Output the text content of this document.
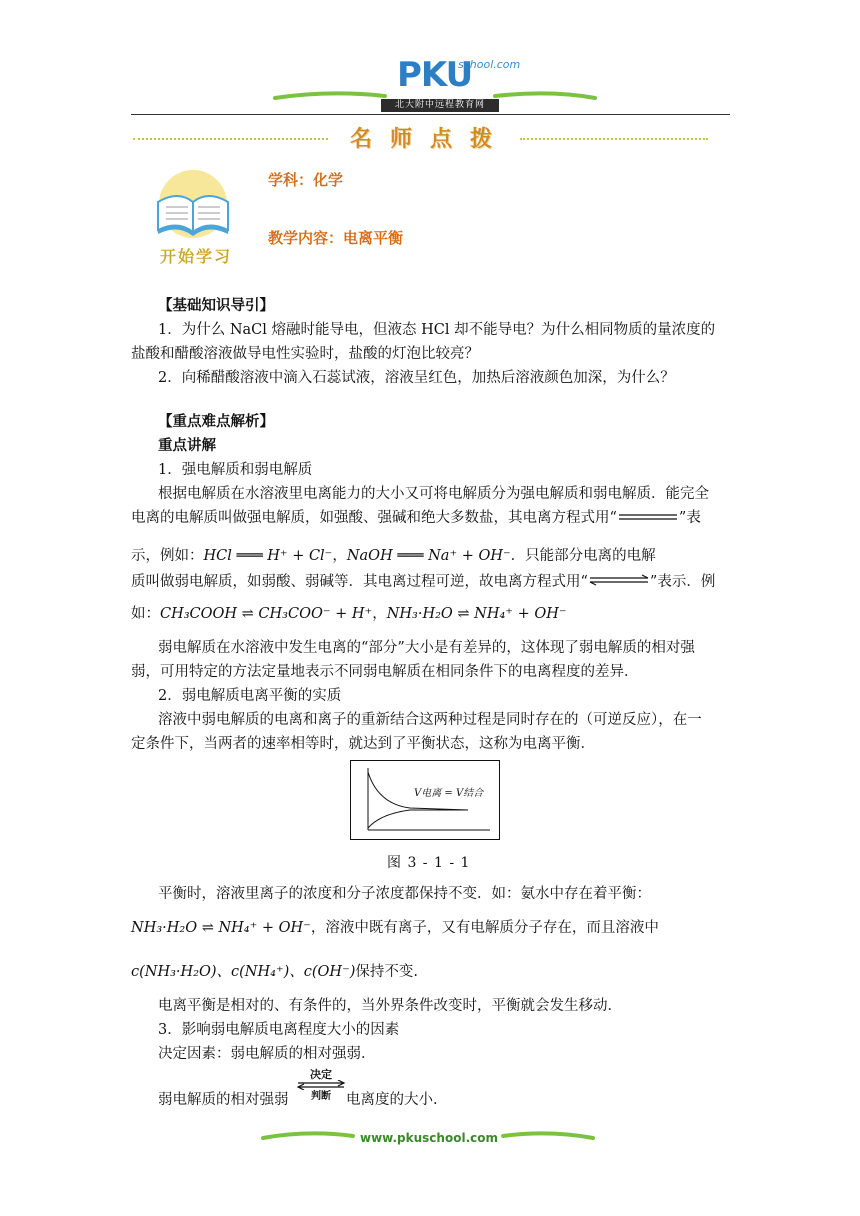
PKU
school.com
北大附中远程教育网
名师点拨
开始学习
学科：化学
教学内容：电离平衡
【基础知识导引】
1．为什么 NaCl 熔融时能导电，但液态 HCl 却不能导电？为什么相同物质的量浓度的
盐酸和醋酸溶液做导电性实验时，盐酸的灯泡比较亮？
2．向稀醋酸溶液中滴入石蕊试液，溶液呈红色，加热后溶液颜色加深，为什么？
【重点难点解析】
重点讲解
1．强电解质和弱电解质
根据电解质在水溶液里电离能力的大小又可将电解质分为强电解质和弱电解质．能完全
电离的电解质叫做强电解质，如强酸、强碱和绝大多数盐，其电离方程式用“	”表
示，例如：HCl ═══ H⁺ + Cl⁻，NaOH ═══ Na⁺ + OH⁻．只能部分电离的电解
质叫做弱电解质，如弱酸、弱碱等．其电离过程可逆，故电离方程式用“	”表示．例
如：CH₃COOH ⇌ CH₃COO⁻ + H⁺，NH₃·H₂O ⇌ NH₄⁺ + OH⁻
弱电解质在水溶液中发生电离的“部分”大小是有差异的，这体现了弱电解质的相对强
弱，可用特定的方法定量地表示不同弱电解质在相同条件下的电离程度的差异．
2．弱电解质电离平衡的实质
溶液中弱电解质的电离和离子的重新结合这两种过程是同时存在的（可逆反应），在一
定条件下，当两者的速率相等时，就达到了平衡状态，这称为电离平衡．
V电离 = V结合
图 3 - 1 - 1
平衡时，溶液里离子的浓度和分子浓度都保持不变．如：氨水中存在着平衡：
NH₃·H₂O ⇌ NH₄⁺ + OH⁻，溶液中既有离子，又有电解质分子存在，而且溶液中
c(NH₃·H₂O)、c(NH₄⁺)、c(OH⁻)保持不变.
电离平衡是相对的、有条件的，当外界条件改变时，平衡就会发生移动．
3．影响弱电解质电离程度大小的因素
决定因素：弱电解质的相对强弱．
决定
判断
弱电解质的相对强弱	电离度的大小.
www.pkuschool.com
